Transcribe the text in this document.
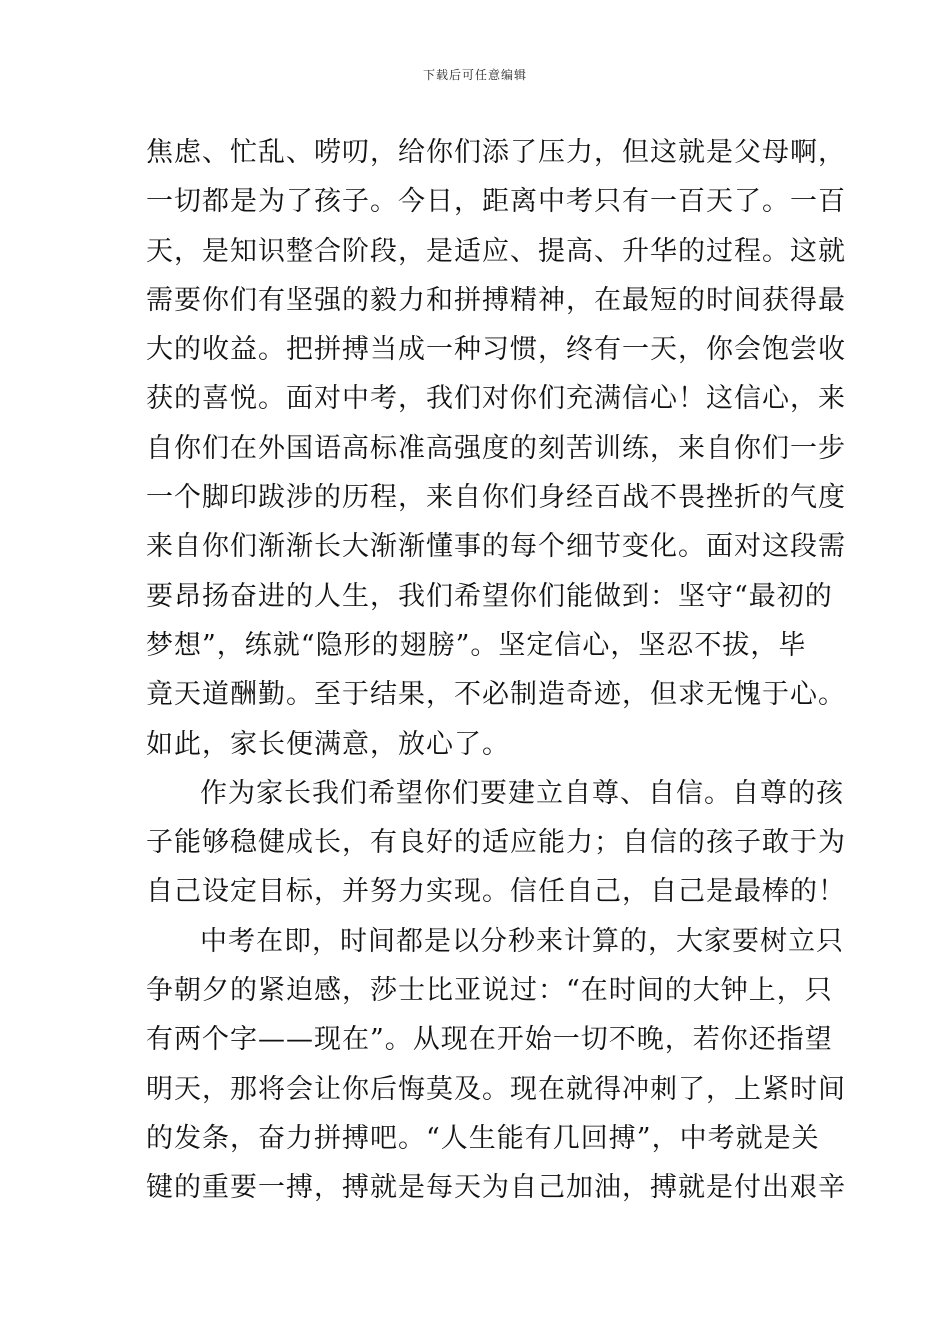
下载后可任意编辑
焦虑、忙乱、唠叨，给你们添了压力，但这就是父母啊，
一切都是为了孩子。今日，距离中考只有一百天了。一百
天，是知识整合阶段，是适应、提高、升华的过程。这就
需要你们有坚强的毅力和拼搏精神，在最短的时间获得最
大的收益。把拼搏当成一种习惯，终有一天，你会饱尝收
获的喜悦。面对中考，我们对你们充满信心！这信心，来
自你们在外国语高标准高强度的刻苦训练，来自你们一步
一个脚印跋涉的历程，来自你们身经百战不畏挫折的气度
来自你们渐渐长大渐渐懂事的每个细节变化。面对这段需
要昂扬奋进的人生，我们希望你们能做到：坚守“最初的
梦想”，练就“隐形的翅膀”。坚定信心，坚忍不拔，毕
竟天道酬勤。至于结果，不必制造奇迹，但求无愧于心。
如此，家长便满意，放心了。
作为家长我们希望你们要建立自尊、自信。自尊的孩
子能够稳健成长，有良好的适应能力；自信的孩子敢于为
自己设定目标，并努力实现。信任自己，自己是最棒的！
中考在即，时间都是以分秒来计算的，大家要树立只
争朝夕的紧迫感，莎士比亚说过：“在时间的大钟上，只
有两个字——现在”。从现在开始一切不晚，若你还指望
明天，那将会让你后悔莫及。现在就得冲刺了，上紧时间
的发条，奋力拼搏吧。“人生能有几回搏”，中考就是关
键的重要一搏，搏就是每天为自己加油，搏就是付出艰辛
